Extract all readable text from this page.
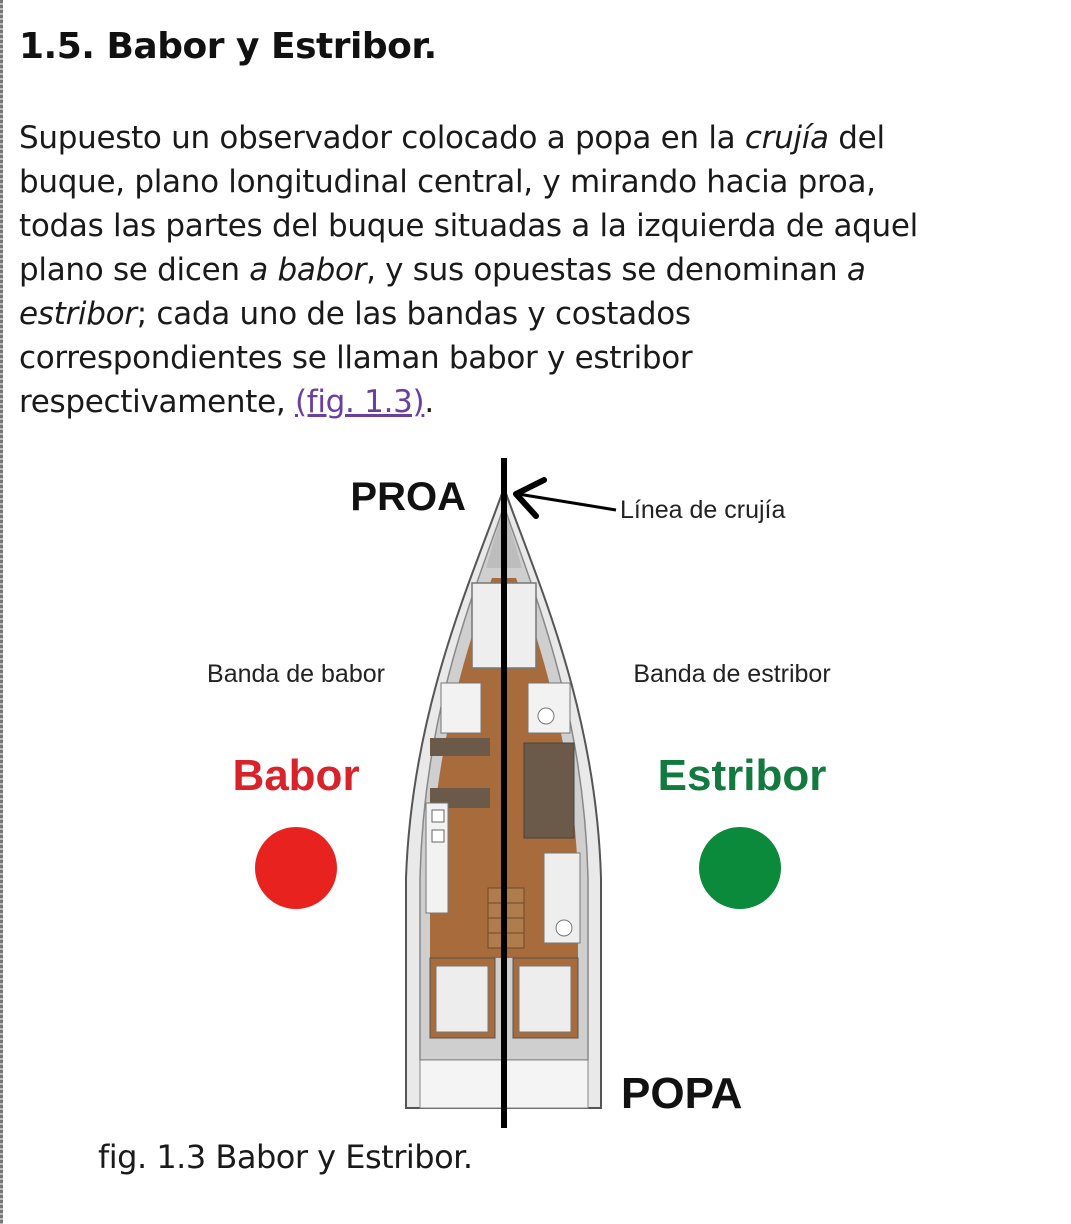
1.5. Babor y Estribor.

Supuesto un observador colocado a popa en la crujía del
buque, plano longitudinal central, y mirando hacia proa,
todas las partes del buque situadas a la izquierda de aquel
plano se dicen a babor, y sus opuestas se denominan a
estribor; cada uno de las bandas y costados
correspondientes se llaman babor y estribor
respectivamente, (fig. 1.3).

PROA	Línea de crujía
Banda de babor	Banda de estribor
Babor	Estribor
POPA
fig. 1.3 Babor y Estribor.
